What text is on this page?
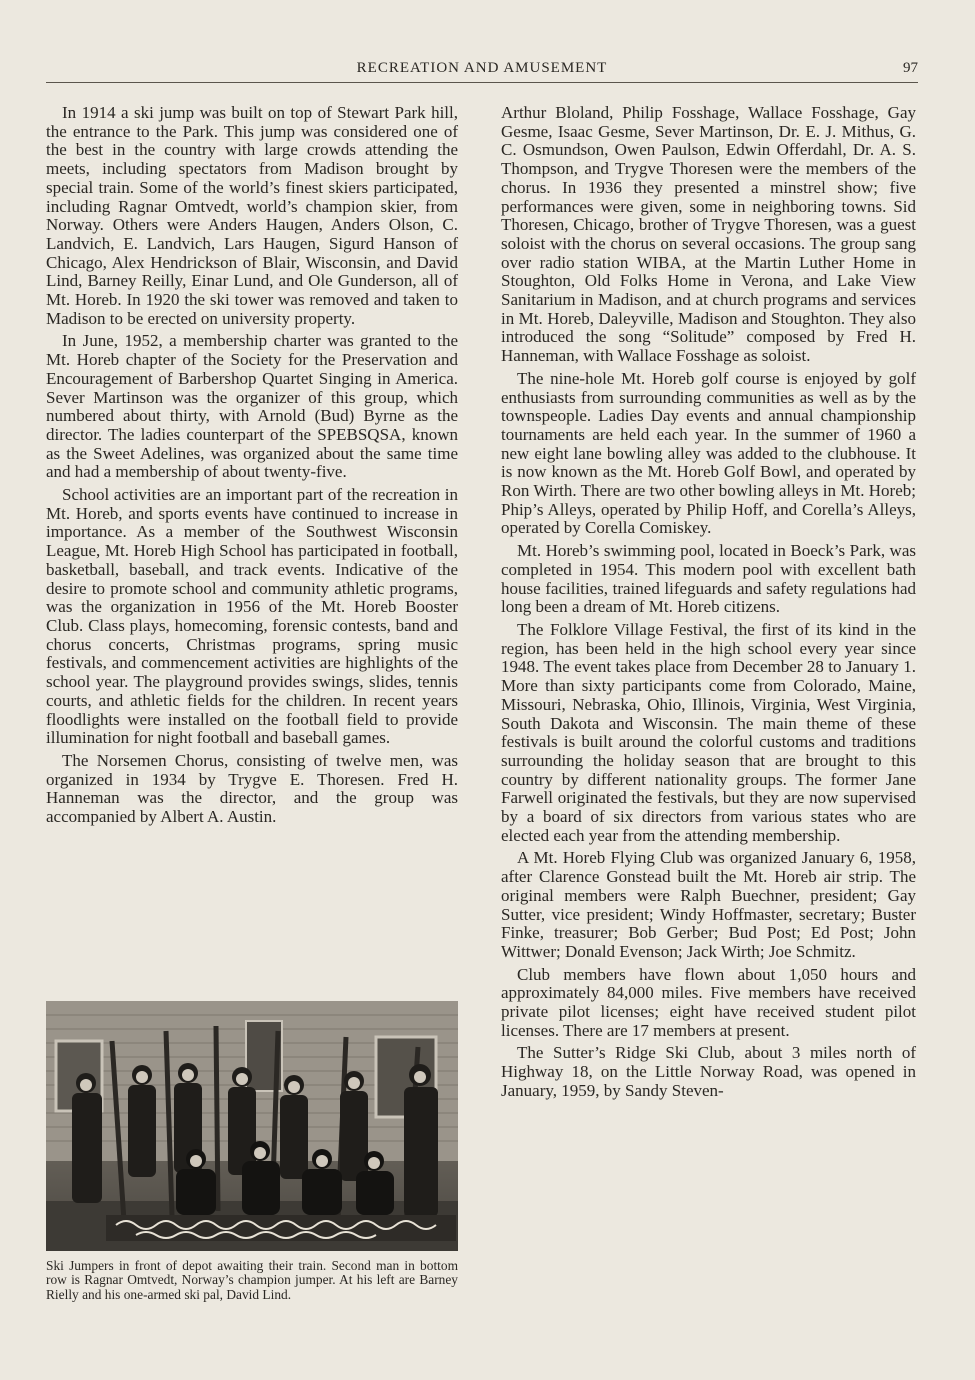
RECREATION AND AMUSEMENT	97

In 1914 a ski jump was built on top of Stewart Park hill, the entrance to the Park. This jump was considered one of the best in the country with large crowds attending the meets, including spectators from Madison brought by special train. Some of the world’s finest skiers participated, including Ragnar Omtvedt, world’s champion skier, from Norway. Others were Anders Haugen, Anders Olson, C. Landvich, E. Landvich, Lars Haugen, Sigurd Hanson of Chicago, Alex Hendrickson of Blair, Wisconsin, and David Lind, Barney Reilly, Einar Lund, and Ole Gunderson, all of Mt. Horeb. In 1920 the ski tower was removed and taken to Madison to be erected on university property.

In June, 1952, a membership charter was granted to the Mt. Horeb chapter of the Society for the Preservation and Encouragement of Barbershop Quartet Singing in America. Sever Martinson was the organizer of this group, which numbered about thirty, with Arnold (Bud) Byrne as the director. The ladies counterpart of the SPEBSQSA, known as the Sweet Adelines, was organized about the same time and had a membership of about twenty-five.

School activities are an important part of the recreation in Mt. Horeb, and sports events have continued to increase in importance. As a member of the Southwest Wisconsin League, Mt. Horeb High School has participated in football, basketball, baseball, and track events. Indicative of the desire to promote school and community athletic programs, was the organization in 1956 of the Mt. Horeb Booster Club. Class plays, homecoming, forensic contests, band and chorus concerts, Christmas programs, spring music festivals, and commencement activities are highlights of the school year. The playground provides swings, slides, tennis courts, and athletic fields for the children. In recent years floodlights were installed on the football field to provide illumination for night football and baseball games.

The Norsemen Chorus, consisting of twelve men, was organized in 1934 by Trygve E. Thoresen. Fred H. Hanneman was the director, and the group was accompanied by Albert A. Austin.

Ski Jumpers in front of depot awaiting their train. Second man in bottom row is Ragnar Omtvedt, Norway’s champion jumper. At his left are Barney Rielly and his one-armed ski pal, David Lind.

Arthur Bloland, Philip Fosshage, Wallace Fosshage, Gay Gesme, Isaac Gesme, Sever Martinson, Dr. E. J. Mithus, G. C. Osmundson, Owen Paulson, Edwin Offerdahl, Dr. A. S. Thompson, and Trygve Thoresen were the members of the chorus. In 1936 they presented a minstrel show; five performances were given, some in neighboring towns. Sid Thoresen, Chicago, brother of Trygve Thoresen, was a guest soloist with the chorus on several occasions. The group sang over radio station WIBA, at the Martin Luther Home in Stoughton, Old Folks Home in Verona, and Lake View Sanitarium in Madison, and at church programs and services in Mt. Horeb, Daleyville, Madison and Stoughton. They also introduced the song “Solitude” composed by Fred H. Hanneman, with Wallace Fosshage as soloist.

The nine-hole Mt. Horeb golf course is enjoyed by golf enthusiasts from surrounding communities as well as by the townspeople. Ladies Day events and annual championship tournaments are held each year. In the summer of 1960 a new eight lane bowling alley was added to the clubhouse. It is now known as the Mt. Horeb Golf Bowl, and operated by Ron Wirth. There are two other bowling alleys in Mt. Horeb; Phip’s Alleys, operated by Philip Hoff, and Corella’s Alleys, operated by Corella Comiskey.

Mt. Horeb’s swimming pool, located in Boeck’s Park, was completed in 1954. This modern pool with excellent bath house facilities, trained lifeguards and safety regulations had long been a dream of Mt. Horeb citizens.

The Folklore Village Festival, the first of its kind in the region, has been held in the high school every year since 1948. The event takes place from December 28 to January 1. More than sixty participants come from Colorado, Maine, Missouri, Nebraska, Ohio, Illinois, Virginia, West Virginia, South Dakota and Wisconsin. The main theme of these festivals is built around the colorful customs and traditions surrounding the holiday season that are brought to this country by different nationality groups. The former Jane Farwell originated the festivals, but they are now supervised by a board of six directors from various states who are elected each year from the attending membership.

A Mt. Horeb Flying Club was organized January 6, 1958, after Clarence Gonstead built the Mt. Horeb air strip. The original members were Ralph Buechner, president; Gay Sutter, vice president; Windy Hoffmaster, secretary; Buster Finke, treasurer; Bob Gerber; Bud Post; Ed Post; John Wittwer; Donald Evenson; Jack Wirth; Joe Schmitz.

Club members have flown about 1,050 hours and approximately 84,000 miles. Five members have received private pilot licenses; eight have received student pilot licenses. There are 17 members at present.

The Sutter’s Ridge Ski Club, about 3 miles north of Highway 18, on the Little Norway Road, was opened in January, 1959, by Sandy Steven-
